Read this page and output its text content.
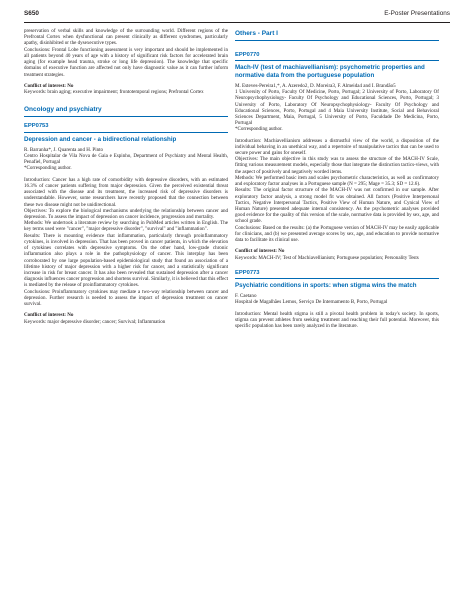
S650	E-Poster Presentations

preservation of verbal skills and knowledge of the surrounding world. Different regions of the Prefrontal Cortex when dysfunctional can present clinically as different syndromes, particularly apathy, disinhibited or the dysexecutive types.

Conclusions: Frontal Lobe functioning assessment is very important and should be implemented in all patients beyond 40 years of age with a history of significant risk factors for accelerated brain aging (for example head trauma, stroke or long life depression). The knowledge that specific domains of executive function are affected not only have diagnostic value as it can further inform treatment strategies.

Conflict of interest: No

Keywords: brain aging; executive impairment; frontotemporal regions; Prefrontal Cortex

Oncology and psychiatry
EPP0753
Depression and cancer - a bidirectional relationship

R. Barranha*, J. Quarenta and H. Pinto

Centro Hospitalar de Vila Nova de Gaia e Espinho, Department of Psychiatry and Mental Health, Penafiel, Portugal

*Corresponding author.

Introduction: Cancer has a high rate of comorbidity with depressive disorders, with an estimated 16.3% of cancer patients suffering from major depression. Given the perceived existential threat associated with the disease and its treatment, the increased risk of depressive disorders is understandable. However, some researchers have recently proposed that the connection between these two disease might not be unidirectional.

Objectives: To explore the biological mechanisms underlying the relationship between cancer and depression. To assess the impact of depression on cancer incidence, progression and mortality.

Methods: We undertook a literature review by searching in PubMed articles written in English. The key terms used were "cancer", "major depressive disorder", "survival" and "inflammation".

Results: There is mounting evidence that inflammation, particularly through proinflammatory cytokines, is involved in depression. That has been proved in cancer patients, in which the elevation of cytokines correlates with depressive symptoms. On the other hand, low-grade chronic inflammation also plays a role in the pathophysiology of cancer. This interplay has been corroborated by one large population-based epidemiological study that found an association of a lifetime history of major depression with a higher risk for cancer, and a statistically significant increase in risk for breast cancer. It has also been revealed that sustained depression after a cancer diagnosis influences cancer progression and shortens survival. Similarly, it is believed that this effect is mediated by the release of proinflammatory cytokines.

Conclusions: Proinflammatory cytokines may mediate a two-way relationship between cancer and depression. Further research is needed to assess the impact of depression treatment on cancer survival.

Conflict of interest: No

Keywords: major depressive disorder; cancer; Survival; Inflammation

Others - Part I
EPP0770
Mach-IV (test of machiavellianism): psychometric properties and normative data from the portuguese population

M. Esteves-Pereira1,*, A. Azeredo2, D. Moreira3, F. Almeida4 and I. Brandão5

1 University of Porto, Faculty Of Medicine, Porto, Portugal; 2 University of Porto, Laboratory Of Neuropsychophysiology- Faculty Of Psychology and Educational Sciences, Porto, Portugal; 3 University of Porto, Laboratory Of Neuropsychophysiology- Faculty Of Psychology and Educational Sciences, Porto, Portugal and 4 Maia University Institute, Social and Behavioral Sciences Department, Maia, Portugal, 5 University of Porto, Faculdade De Medicina, Porto, Portugal

*Corresponding author.

Introduction: Machiavellianism addresses a distrustful view of the world, a disposition of the individual behaving in an unethical way, and a repertoire of manipulative tactics that can be used to secure power and gains for oneself.

Objectives: The main objective in this study was to assess the structure of the MACH-IV Scale, fitting various measurement models, especially those that integrate the distinction tactics-views, with the aspect of positively and negatively worded items.

Methods: We performed basic item and scales psychometric characteristics, as well as confirmatory and exploratory factor analyses in a Portuguese sample (N = 295; Mage = 35.3; SD = 12.6).

Results: The original factor structure of the MACH-IV was not confirmed in our sample. After exploratory factor analysis, a strong model fit was obtained. All factors (Positive Interpersonal Tactics, Negative Interpersonal Tactics, Positive View of Human Nature, and Cynical View of Human Nature) presented adequate internal consistency. As the psychometric analyses provided good evidence for the quality of this version of the scale, normative data is provided by sex, age, and school grade.

Conclusions: Based on the results: (a) the Portuguese version of MACH-IV may be easily applicable for clinicians, and (b) we presented average scores by sex, age, and education to provide normative data to facilitate its clinical use.

Conflict of interest: No

Keywords: MACH-IV; Test of Machiavellianism; Portuguese population; Personality Tests

EPP0773
Psychiatric conditions in sports: when stigma wins the match

F. Caetano

Hospital de Magalhães Lemos, Serviço De Internamento B, Porto, Portugal

Introduction: Mental health stigma is still a pivotal health problem in today's society. In sports, stigma can prevent athletes from seeking treatment and reaching their full potential. Moreover, this specific population has been rarely analyzed in the literature.
